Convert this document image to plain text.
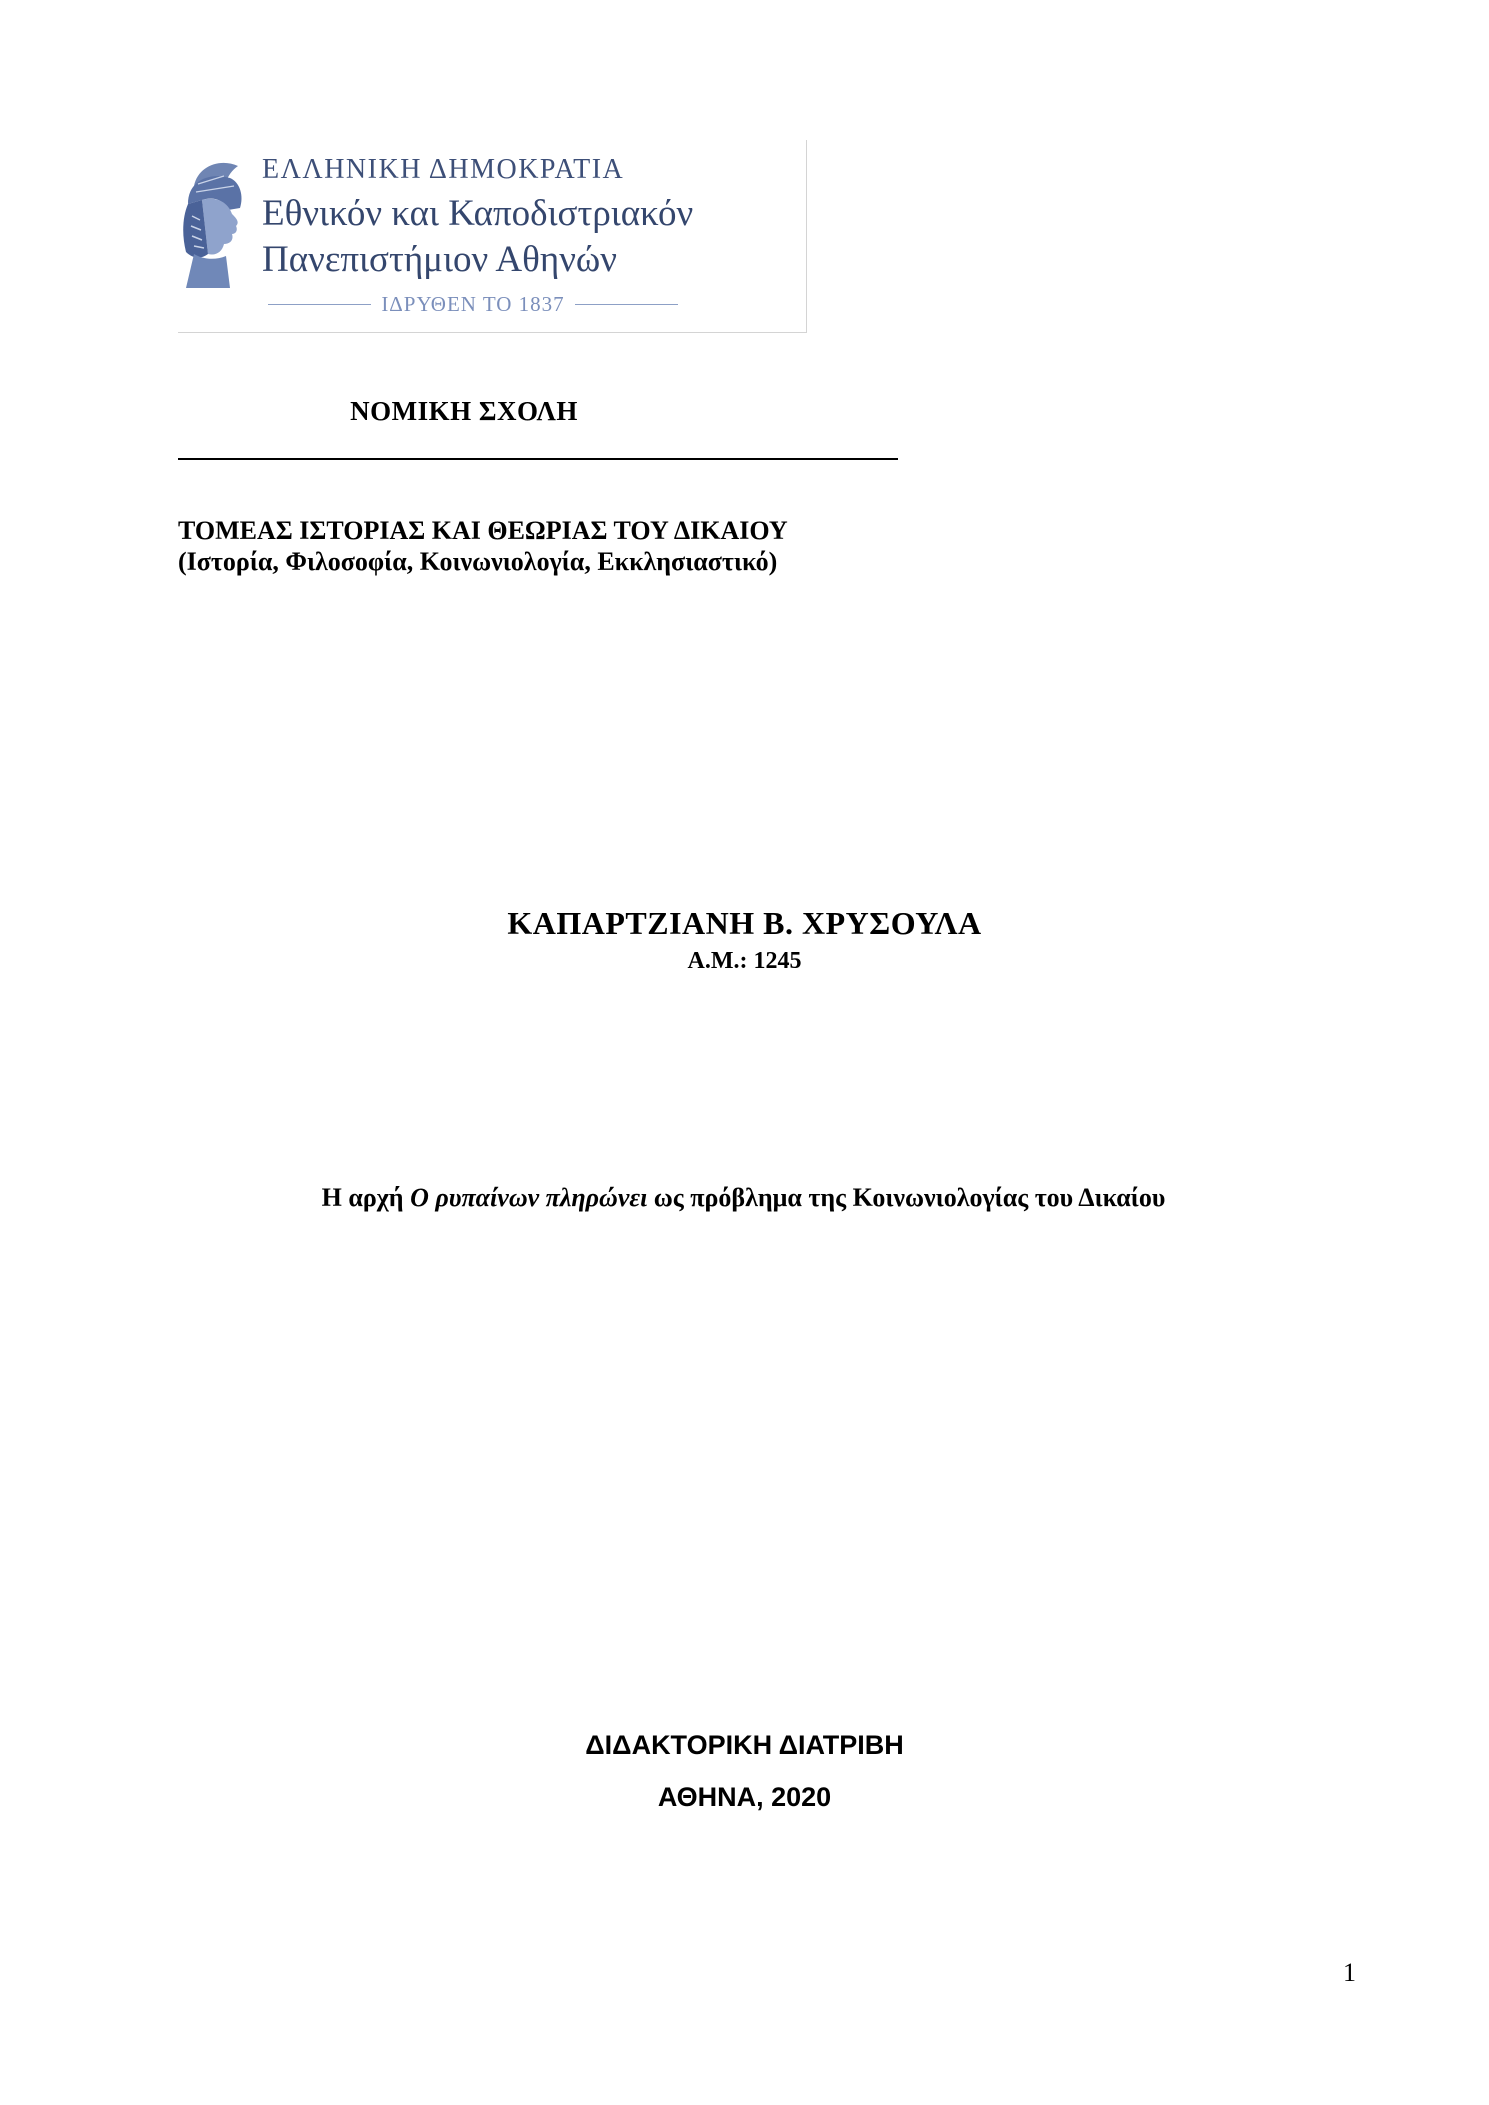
ΕΛΛΗΝΙΚΗ ΔΗΜΟΚΡΑΤΙΑ
Εθνικόν και Καποδιστριακόν
Πανεπιστήμιον Αθηνών
ΙΔΡΥΘΕΝ ΤΟ 1837
ΝΟΜΙΚΗ ΣΧΟΛΗ
ΤΟΜΕΑΣ ΙΣΤΟΡΙΑΣ ΚΑΙ ΘΕΩΡΙΑΣ ΤΟΥ ΔΙΚΑΙΟΥ
(Ιστορία, Φιλοσοφία, Κοινωνιολογία, Εκκλησιαστικό)
ΚΑΠΑΡΤΖΙΑΝΗ Β. ΧΡΥΣΟΥΛΑ
Α.Μ.: 1245
Η αρχή Ο ρυπαίνων πληρώνει ως πρόβλημα της Κοινωνιολογίας του Δικαίου
ΔΙΔΑΚΤΟΡΙΚΗ ΔΙΑΤΡΙΒΗ
ΑΘΗΝΑ, 2020
1
